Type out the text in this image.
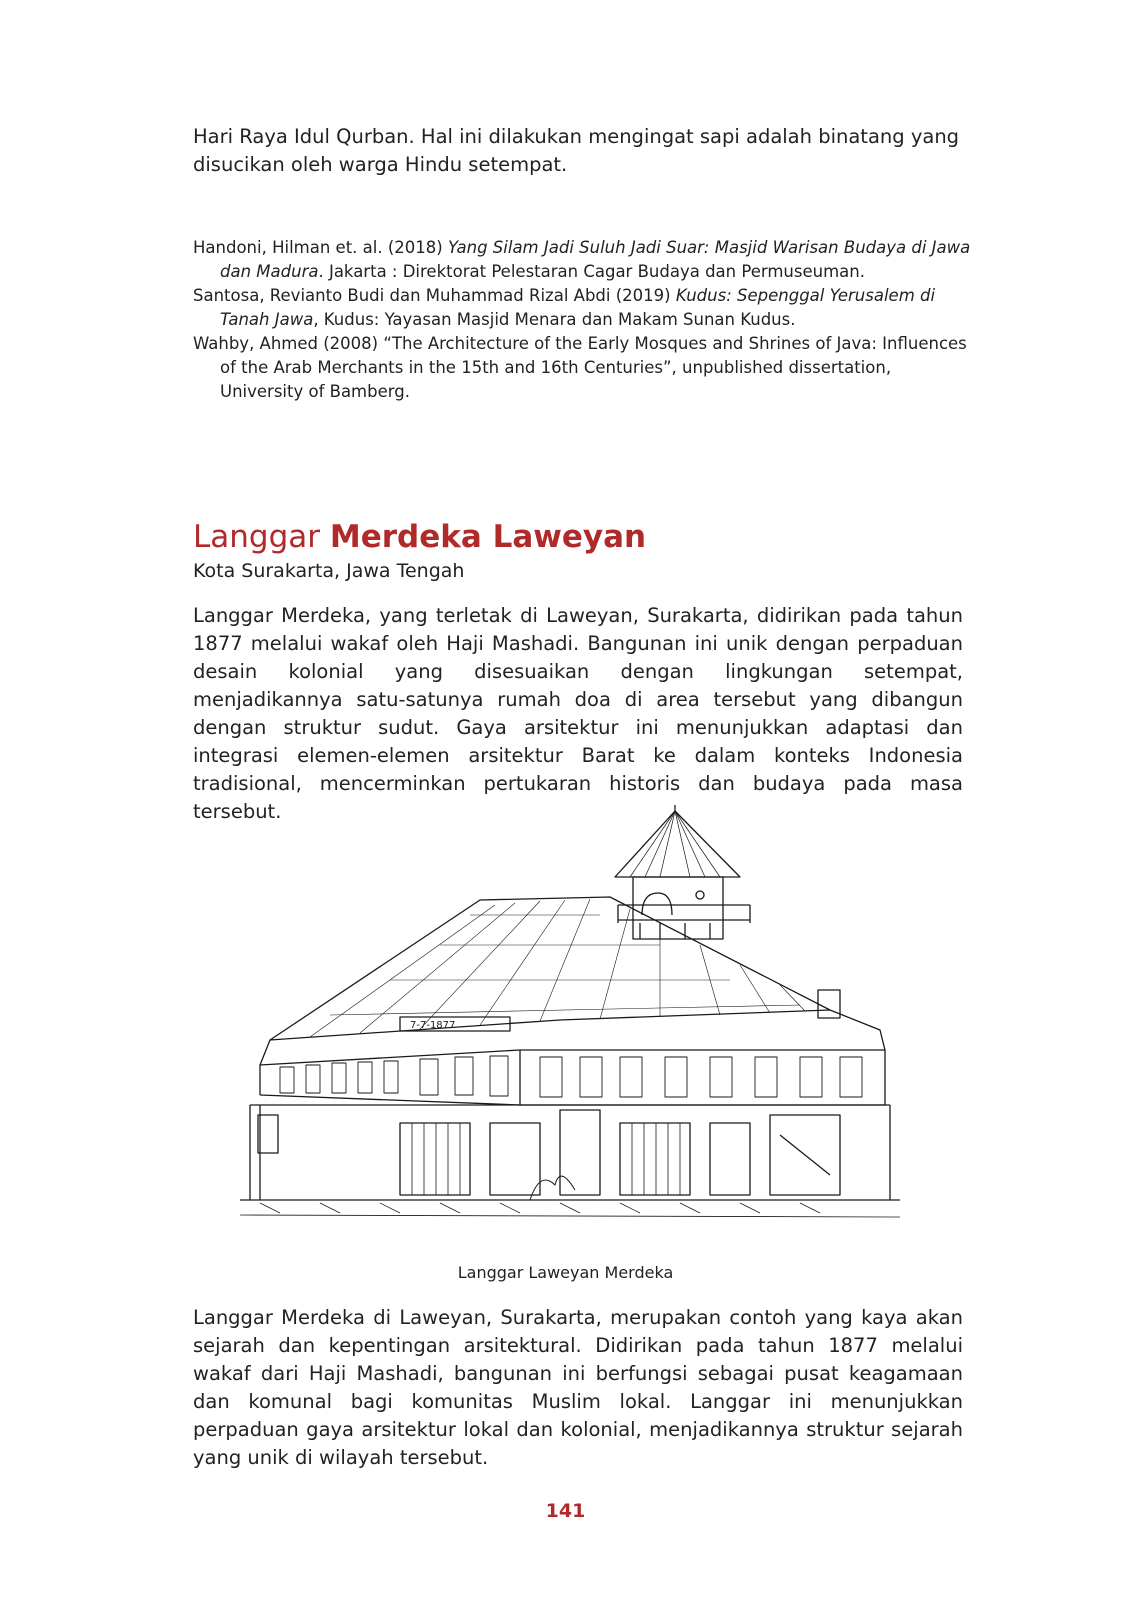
Hari Raya Idul Qurban. Hal ini dilakukan mengingat sapi adalah binatang yang disucikan oleh warga Hindu setempat.

Handoni, Hilman et. al. (2018) Yang Silam Jadi Suluh Jadi Suar: Masjid Warisan Budaya di Jawa dan Madura. Jakarta : Direktorat Pelestaran Cagar Budaya dan Permuseuman.

Santosa, Revianto Budi dan Muhammad Rizal Abdi (2019) Kudus: Sepenggal Yerusalem di Tanah Jawa, Kudus: Yayasan Masjid Menara dan Makam Sunan Kudus.

Wahby, Ahmed (2008) “The Architecture of the Early Mosques and Shrines of Java: Influences of the Arab Merchants in the 15th and 16th Centuries”, unpublished dissertation, University of Bamberg.

Langgar Merdeka Laweyan

Kota Surakarta, Jawa Tengah

Langgar Merdeka, yang terletak di Laweyan, Surakarta, didirikan pada tahun 1877 melalui wakaf oleh Haji Mashadi. Bangunan ini unik dengan perpaduan desain kolonial yang disesuaikan dengan lingkungan setempat, menjadikannya satu-satunya rumah doa di area tersebut yang dibangun dengan struktur sudut. Gaya arsitektur ini menunjukkan adaptasi dan integrasi elemen-elemen arsitektur Barat ke dalam konteks Indonesia tradisional, mencerminkan pertukaran historis dan budaya pada masa tersebut.

7-7-1877

Langgar Laweyan Merdeka

Langgar Merdeka di Laweyan, Surakarta, merupakan contoh yang kaya akan sejarah dan kepentingan arsitektural. Didirikan pada tahun 1877 melalui wakaf dari Haji Mashadi, bangunan ini berfungsi sebagai pusat keagamaan dan komunal bagi komunitas Muslim lokal. Langgar ini menunjukkan perpaduan gaya arsitektur lokal dan kolonial, menjadikannya struktur sejarah yang unik di wilayah tersebut.

141
